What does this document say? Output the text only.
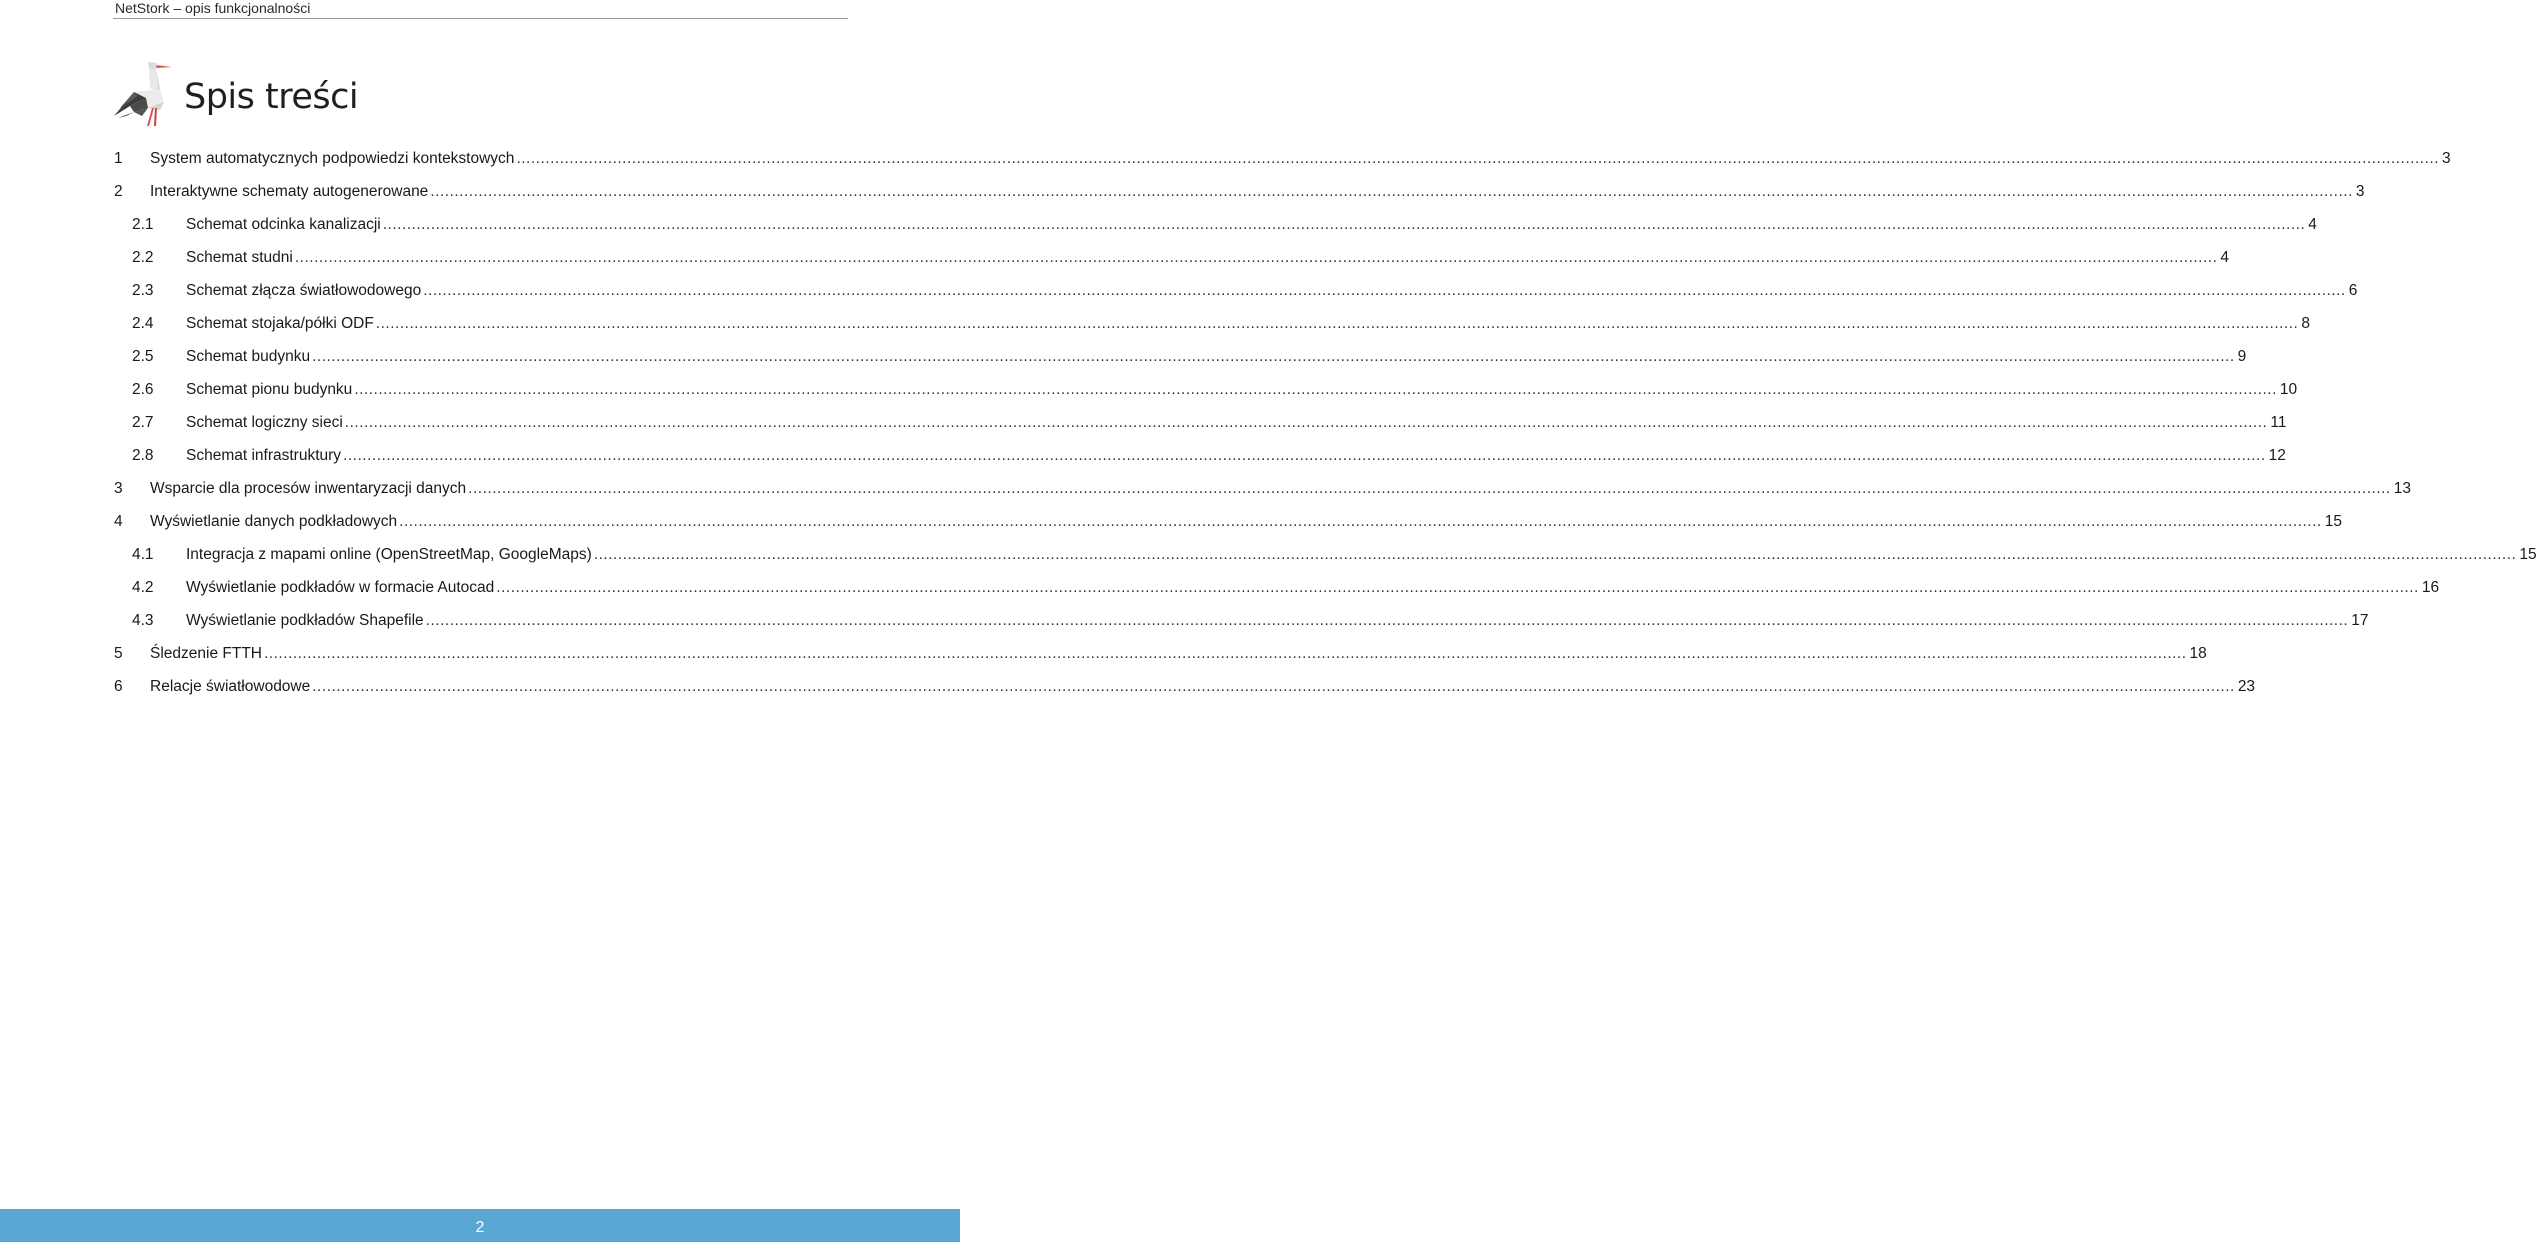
NetStork – opis funkcjonalności
Spis treści
1 System automatycznych podpowiedzi kontekstowych ................................................................................................................................................................................................................................................................................................................................................................................................................ 3
2 Interaktywne schematy autogenerowane ................................................................................................................................................................................................................................................................................................................................................................................................................ 3
2.1 Schemat odcinka kanalizacji ................................................................................................................................................................................................................................................................................................................................................................................................................ 4
2.2 Schemat studni ................................................................................................................................................................................................................................................................................................................................................................................................................ 4
2.3 Schemat złącza światłowodowego ................................................................................................................................................................................................................................................................................................................................................................................................................ 6
2.4 Schemat stojaka/półki ODF ................................................................................................................................................................................................................................................................................................................................................................................................................ 8
2.5 Schemat budynku ................................................................................................................................................................................................................................................................................................................................................................................................................ 9
2.6 Schemat pionu budynku ................................................................................................................................................................................................................................................................................................................................................................................................................ 10
2.7 Schemat logiczny sieci ................................................................................................................................................................................................................................................................................................................................................................................................................ 11
2.8 Schemat infrastruktury ................................................................................................................................................................................................................................................................................................................................................................................................................ 12
3 Wsparcie dla procesów inwentaryzacji danych ................................................................................................................................................................................................................................................................................................................................................................................................................ 13
4 Wyświetlanie danych podkładowych ................................................................................................................................................................................................................................................................................................................................................................................................................ 15
4.1 Integracja z mapami online (OpenStreetMap, GoogleMaps) ................................................................................................................................................................................................................................................................................................................................................................................................................ 15
4.2 Wyświetlanie podkładów w formacie Autocad ................................................................................................................................................................................................................................................................................................................................................................................................................ 16
4.3 Wyświetlanie podkładów Shapefile ................................................................................................................................................................................................................................................................................................................................................................................................................ 17
5 Śledzenie FTTH ................................................................................................................................................................................................................................................................................................................................................................................................................ 18
6 Relacje światłowodowe ................................................................................................................................................................................................................................................................................................................................................................................................................ 23
2
